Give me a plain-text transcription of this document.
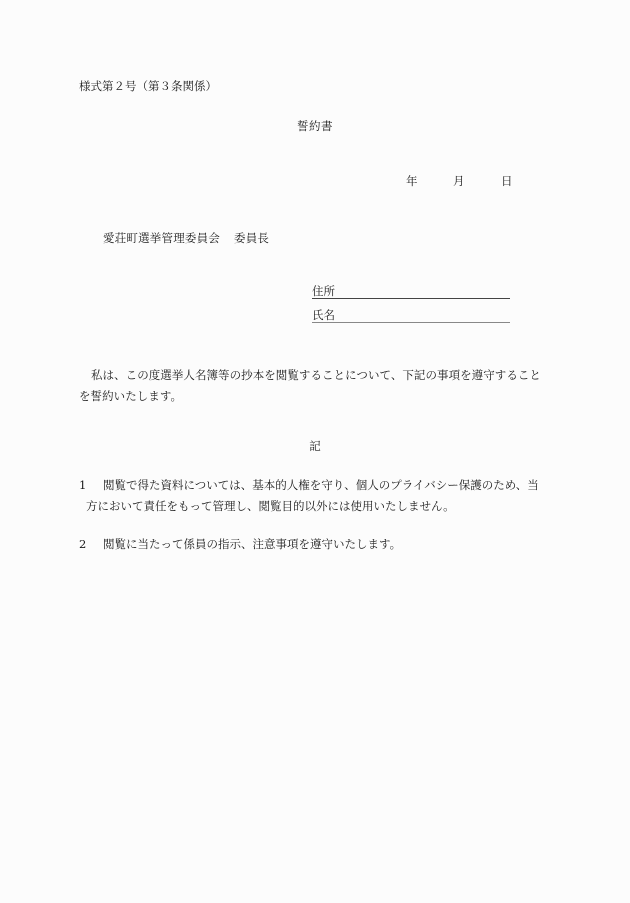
様式第２号（第３条関係）
誓約書
年	月	日
愛荘町選挙管理委員会 委員長
住所
氏名
私は、この度選挙人名簿等の抄本を閲覧することについて、下記の事項を遵守することを誓約いたします。
記
1 閲覧で得た資料については、基本的人権を守り、個人のプライバシー保護のため、当
方において責任をもって管理し、閲覧目的以外には使用いたしません。
2 閲覧に当たって係員の指示、注意事項を遵守いたします。
